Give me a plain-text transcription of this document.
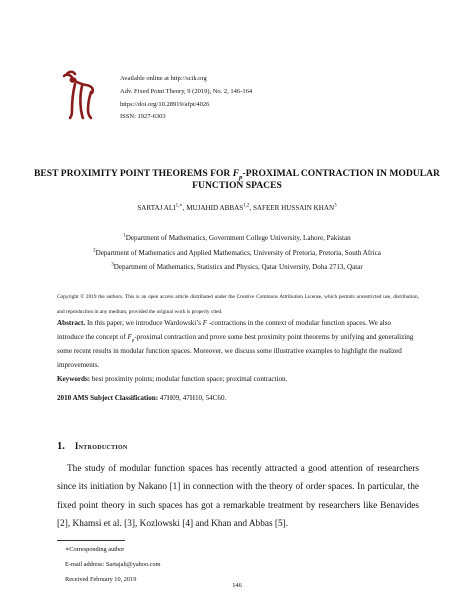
Available online at http://scik.org
Adv. Fixed Point Theory, 9 (2019), No. 2, 146-164
https://doi.org/10.28919/afpt/4026
ISSN: 1927-6303
BEST PROXIMITY POINT THEOREMS FOR $F_p$-PROXIMAL CONTRACTION IN MODULAR FUNCTION SPACES
SARTAJ $ALI^{1,∗}$, MUJAHID ABBAS$^{1,2}$, SAFEER HUSSAIN KHAN$^3$
$^1$Department of Mathematics, Government College University, Lahore, Pakistan
$^2$Department of Mathematics and Applied Mathematics, University of Pretoria, Pretoria, South Africa
$^3$Department of Mathematics, Statistics and Physics, Qatar University, Doha 2713, Qatar
Copyright © 2019 the authors. This is an open access article distributed under the Creative Commons Attribution License, which permits unrestricted use, distribution, and reproduction in any medium, provided the original work is properly cited.
Abstract. In this paper, we introduce Wardowski’s F -contractions in the context of modular function spaces. We also introduce the concept of $F_p$-proximal contraction and prove some best proximity point theorems by unifying and generalizing some recent results in modular function spaces. Moreover, we discuss some illustrative examples to highlight the realized improvements.
Keywords: best proximity points; modular function space; proximal contraction.
2010 AMS Subject Classification: 47H09, 47H10, 54C60.
1. Introduction
The study of modular function spaces has recently attracted a good attention of researchers since its initiation by Nakano [1] in connection with the theory of order spaces. In particular, the fixed point theory in such spaces has got a remarkable treatment by researchers like Benavides [2], Khamsi et al. [3], Kozlowski [4] and Khan and Abbas [5].
∗Corresponding author
E-mail address: Sartajali@yahoo.com
Received February 10, 2019
146
